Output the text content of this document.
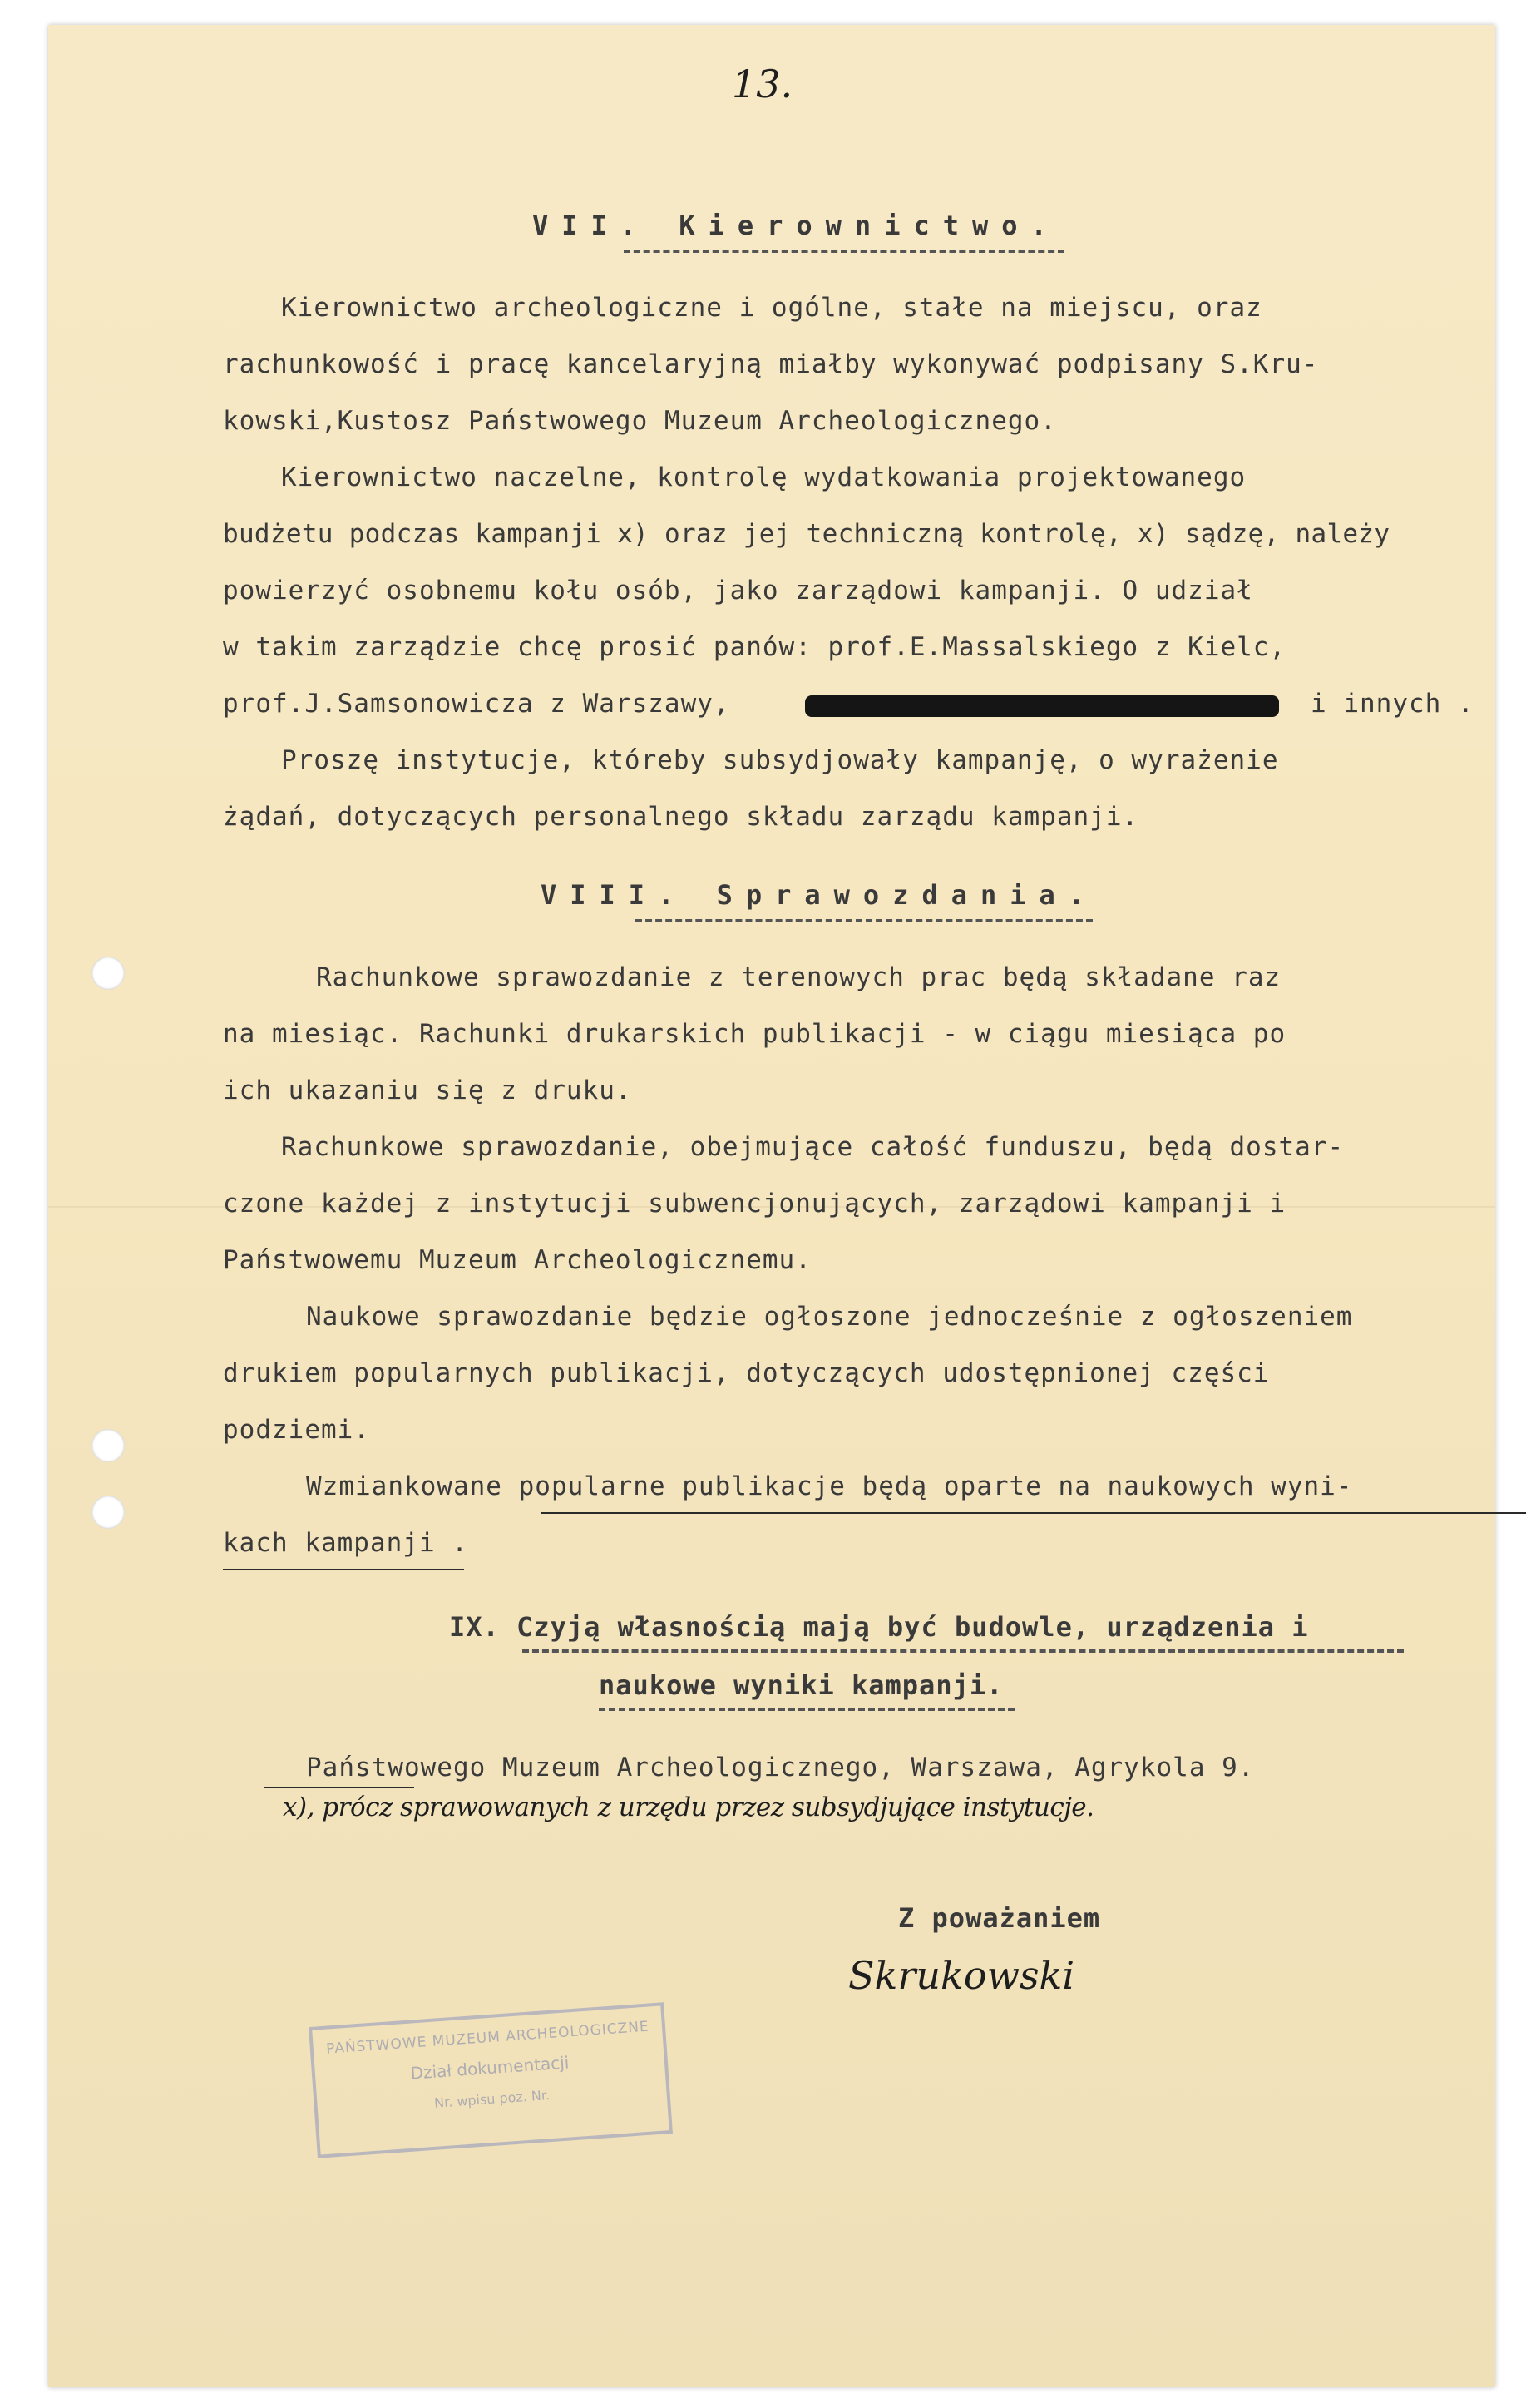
13.

VII. Kierownictwo.

Kierownictwo archeologiczne i ogólne, stałe na miejscu, oraz

rachunkowość i pracę kancelaryjną miałby wykonywać podpisany S.Kru-

kowski,Kustosz Państwowego Muzeum Archeologicznego.

Kierownictwo naczelne, kontrolę wydatkowania projektowanego

budżetu podczas kampanji x) oraz jej techniczną kontrolę, x) sądzę, należy

powierzyć osobnemu kołu osób, jako zarządowi kampanji. O udział

w takim zarządzie chcę prosić panów: prof.E.Massalskiego z Kielc,

prof.J.Samsonowicza z Warszawy,	i innych .

Proszę instytucje, któreby subsydjowały kampanję, o wyrażenie

żądań, dotyczących personalnego składu zarządu kampanji.

VIII. Sprawozdania.

Rachunkowe sprawozdanie z terenowych prac będą składane raz

na miesiąc. Rachunki drukarskich publikacji - w ciągu miesiąca po

ich ukazaniu się z druku.

Rachunkowe sprawozdanie, obejmujące całość funduszu, będą dostar-

czone każdej z instytucji subwencjonujących, zarządowi kampanji i

Państwowemu Muzeum Archeologicznemu.

Naukowe sprawozdanie będzie ogłoszone jednocześnie z ogłoszeniem

drukiem popularnych publikacji, dotyczących udostępnionej części

podziemi.

Wzmiankowane popularne publikacje będą oparte na naukowych wyni-

kach kampanji .

IX. Czyją własnością mają być budowle, urządzenia i

naukowe wyniki kampanji.

Państwowego Muzeum Archeologicznego, Warszawa, Agrykola 9.

x), prócz sprawowanych z urzędu przez subsydjujące instytucje.

Z poważaniem

Skrukowski

PAŃSTWOWE MUZEUM ARCHEOLOGICZNE
Dział dokumentacji
Nr. wpisu poz. Nr.
